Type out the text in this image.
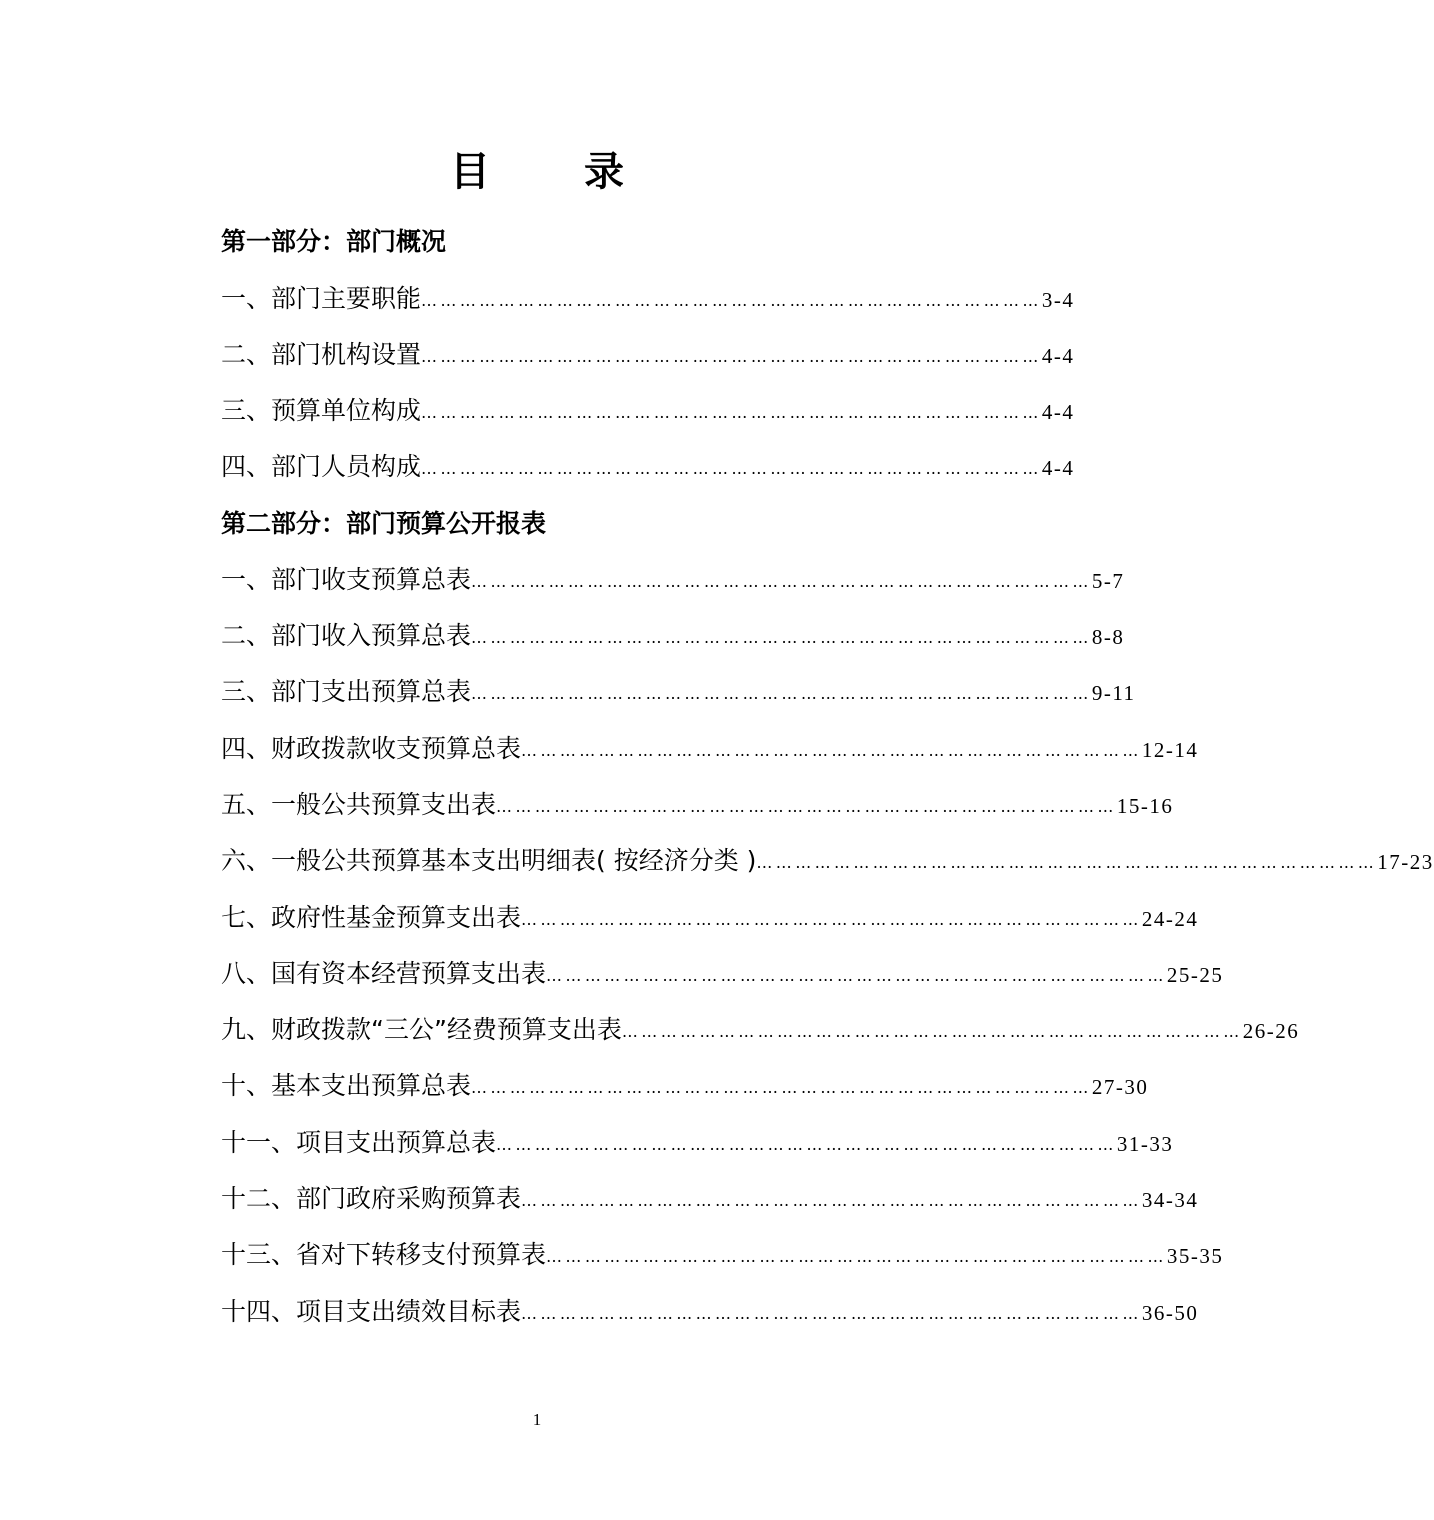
目 录
第一部分：部门概况
一、部门主要职能 …………………………………………………………………………………… 3-4
二、部门机构设置 …………………………………………………………………………………… 4-4
三、预算单位构成 …………………………………………………………………………………… 4-4
四、部门人员构成 …………………………………………………………………………………… 4-4
第二部分：部门预算公开报表
一、部门收支预算总表 …………………………………………………………………………………… 5-7
二、部门收入预算总表 …………………………………………………………………………………… 8-8
三、部门支出预算总表 …………………………………………………………………………………… 9-11
四、财政拨款收支预算总表 …………………………………………………………………………………… 12-14
五、一般公共预算支出表 …………………………………………………………………………………… 15-16
六、一般公共预算基本支出明细表( 按经济分类 ) …………………………………………………………………………………… 17-23
七、政府性基金预算支出表 …………………………………………………………………………………… 24-24
八、国有资本经营预算支出表 …………………………………………………………………………………… 25-25
九、财政拨款“三公”经费预算支出表 …………………………………………………………………………………… 26-26
十、基本支出预算总表 …………………………………………………………………………………… 27-30
十一、项目支出预算总表 …………………………………………………………………………………… 31-33
十二、部门政府采购预算表 …………………………………………………………………………………… 34-34
十三、省对下转移支付预算表 …………………………………………………………………………………… 35-35
十四、项目支出绩效目标表 …………………………………………………………………………………… 36-50
1
